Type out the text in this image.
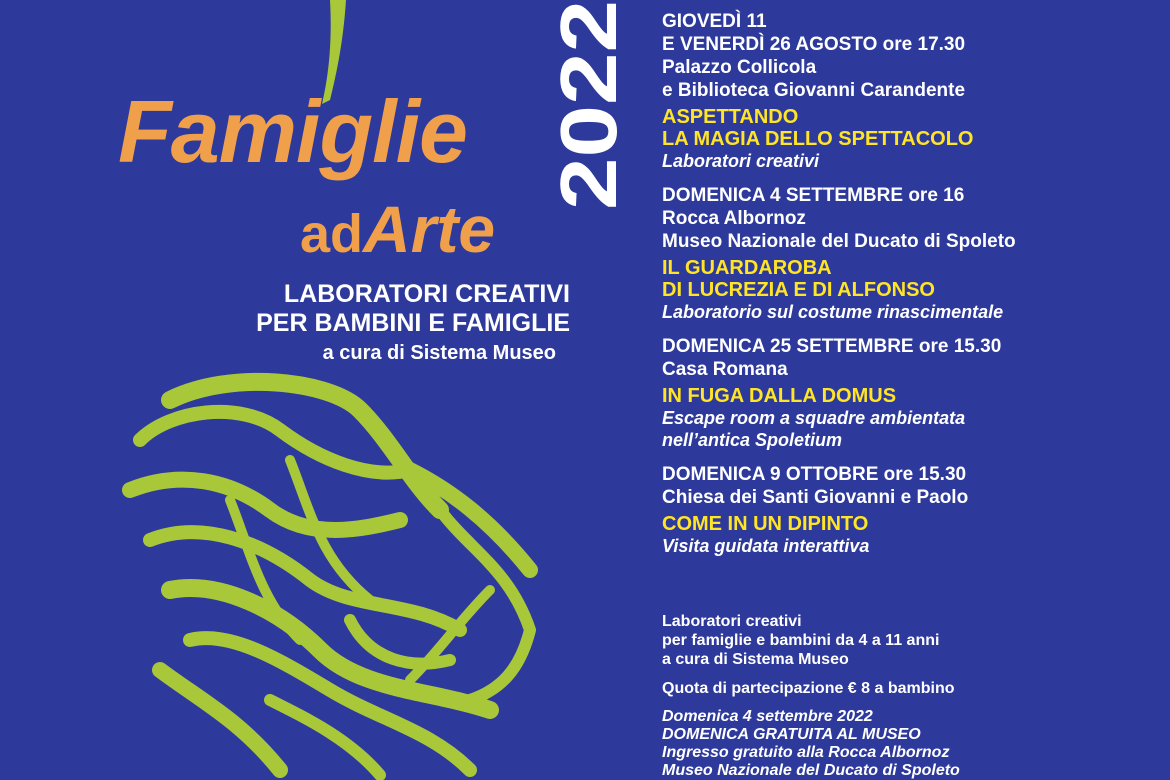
2022
Famiglie
adArte
LABORATORI CREATIVI
PER BAMBINI E FAMIGLIE
a cura di Sistema Museo
GIOVEDÌ 11
E VENERDÌ 26 AGOSTO ore 17.30
Palazzo Collicola
e Biblioteca Giovanni Carandente
ASPETTANDO
LA MAGIA DELLO SPETTACOLO
Laboratori creativi
DOMENICA 4 SETTEMBRE ore 16
Rocca Albornoz
Museo Nazionale del Ducato di Spoleto
IL GUARDAROBA
DI LUCREZIA E DI ALFONSO
Laboratorio sul costume rinascimentale
DOMENICA 25 SETTEMBRE ore 15.30
Casa Romana
IN FUGA DALLA DOMUS
Escape room a squadre ambientata
nell’antica Spoletium
DOMENICA 9 OTTOBRE ore 15.30
Chiesa dei Santi Giovanni e Paolo
COME IN UN DIPINTO
Visita guidata interattiva
Laboratori creativi
per famiglie e bambini da 4 a 11 anni
a cura di Sistema Museo
Quota di partecipazione € 8 a bambino
Domenica 4 settembre 2022
DOMENICA GRATUITA AL MUSEO
Ingresso gratuito alla Rocca Albornoz
Museo Nazionale del Ducato di Spoleto
